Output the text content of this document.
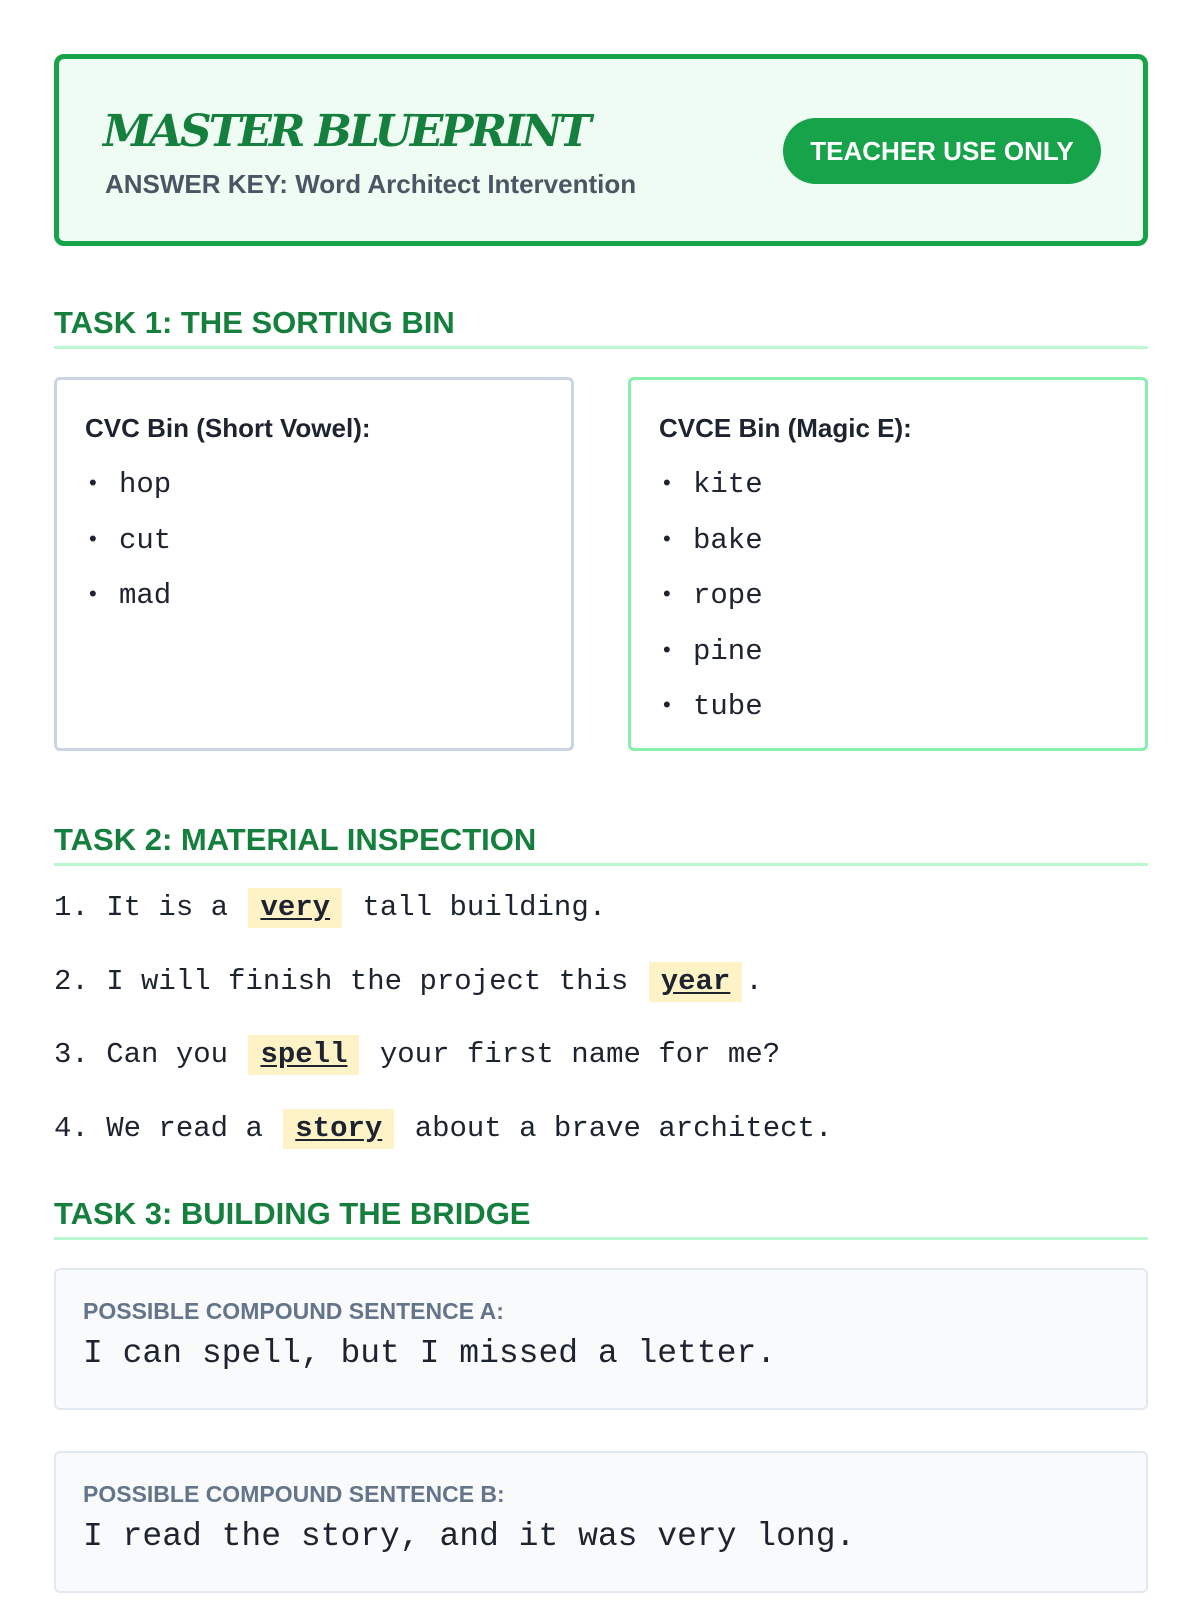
MASTER BLUEPRINT

ANSWER KEY: Word Architect Intervention

TEACHER USE ONLY
TASK 1: THE SORTING BIN

CVC Bin (Short Vowel):

• hop
• cut
• mad

CVCE Bin (Magic E):

• kite
• bake
• rope
• pine
• tube
TASK 2: MATERIAL INSPECTION
1. It is a very tall building.
2. I will finish the project this year .
3. Can you spell your first name for me?
4. We read a story about a brave architect.
TASK 3: BUILDING THE BRIDGE

POSSIBLE COMPOUND SENTENCE A:

I can spell, but I missed a letter.

POSSIBLE COMPOUND SENTENCE B:

I read the story, and it was very long.
